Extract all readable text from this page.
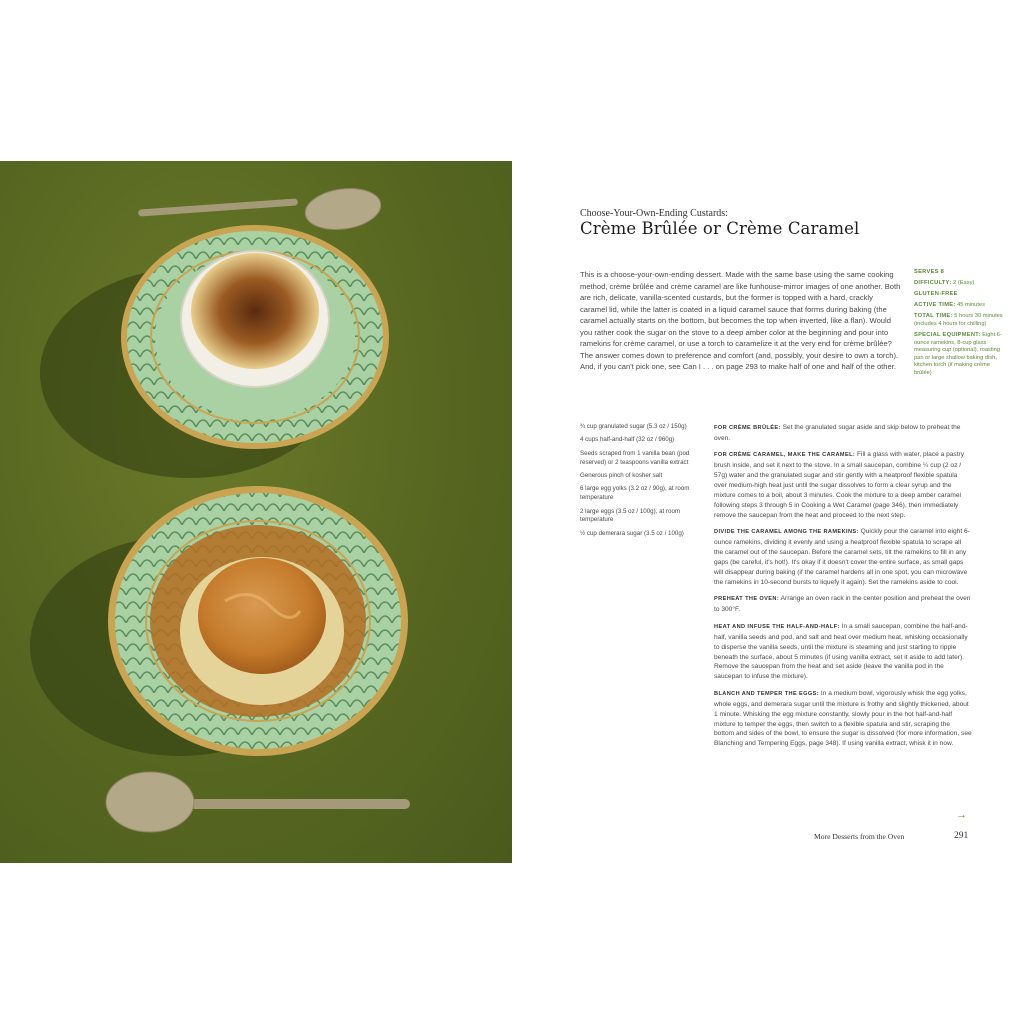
Choose-Your-Own-Ending Custards:
Crème Brûlée or Crème Caramel
This is a choose-your-own-ending dessert. Made with the same base using the same cooking method, crème brûlée and crème caramel are like funhouse-mirror images of one another. Both are rich, delicate, vanilla-scented custards, but the former is topped with a hard, crackly caramel lid, while the latter is coated in a liquid caramel sauce that forms during baking (the caramel actually starts on the bottom, but becomes the top when inverted, like a flan). Would you rather cook the sugar on the stove to a deep amber color at the beginning and pour into ramekins for crème caramel, or use a torch to caramelize it at the very end for crème brûlée? The answer comes down to preference and comfort (and, possibly, your desire to own a torch). And, if you can't pick one, see Can I . . . on page 293 to make half of one and half of the other.
SERVES 8
DIFFICULTY: 2 (Easy)
GLUTEN-FREE
ACTIVE TIME: 45 minutes
TOTAL TIME: 5 hours 30 minutes (includes 4 hours for chilling)
SPECIAL EQUIPMENT: Eight 6-ounce ramekins, 8-cup glass measuring cup (optional), roasting pan or large shallow baking dish, kitchen torch (if making crème brûlée)
¾ cup granulated sugar (5.3 oz / 150g)
4 cups half-and-half (32 oz / 960g)
Seeds scraped from 1 vanilla bean (pod reserved) or 2 teaspoons vanilla extract
Generous pinch of kosher salt
6 large egg yolks (3.2 oz / 90g), at room temperature
2 large eggs (3.5 oz / 100g), at room temperature
½ cup demerara sugar (3.5 oz / 100g)
FOR CRÈME BRÛLÉE: Set the granulated sugar aside and skip below to preheat the oven.
FOR CRÈME CARAMEL, MAKE THE CARAMEL: Fill a glass with water, place a pastry brush inside, and set it next to the stove. In a small saucepan, combine ¼ cup (2 oz / 57g) water and the granulated sugar and stir gently with a heatproof flexible spatula over medium-high heat just until the sugar dissolves to form a clear syrup and the mixture comes to a boil, about 3 minutes. Cook the mixture to a deep amber caramel following steps 3 through 5 in Cooking a Wet Caramel (page 346), then immediately remove the saucepan from the heat and proceed to the next step.
DIVIDE THE CARAMEL AMONG THE RAMEKINS: Quickly pour the caramel into eight 6-ounce ramekins, dividing it evenly and using a heatproof flexible spatula to scrape all the caramel out of the saucepan. Before the caramel sets, tilt the ramekins to fill in any gaps (be careful, it's hot!). It's okay if it doesn't cover the entire surface, as small gaps will disappear during baking (if the caramel hardens all in one spot, you can microwave the ramekins in 10-second bursts to liquefy it again). Set the ramekins aside to cool.
PREHEAT THE OVEN: Arrange an oven rack in the center position and preheat the oven to 300°F.
HEAT AND INFUSE THE HALF-AND-HALF: In a small saucepan, combine the half-and-half, vanilla seeds and pod, and salt and heat over medium heat, whisking occasionally to disperse the vanilla seeds, until the mixture is steaming and just starting to ripple beneath the surface, about 5 minutes (if using vanilla extract, set it aside to add later). Remove the saucepan from the heat and set aside (leave the vanilla pod in the saucepan to infuse the mixture).
BLANCH AND TEMPER THE EGGS: In a medium bowl, vigorously whisk the egg yolks, whole eggs, and demerara sugar until the mixture is frothy and slightly thickened, about 1 minute. Whisking the egg mixture constantly, slowly pour in the hot half-and-half mixture to temper the eggs, then switch to a flexible spatula and stir, scraping the bottom and sides of the bowl, to ensure the sugar is dissolved (for more information, see Blanching and Tempering Eggs, page 348). If using vanilla extract, whisk it in now.
→
More Desserts from the Oven	291
